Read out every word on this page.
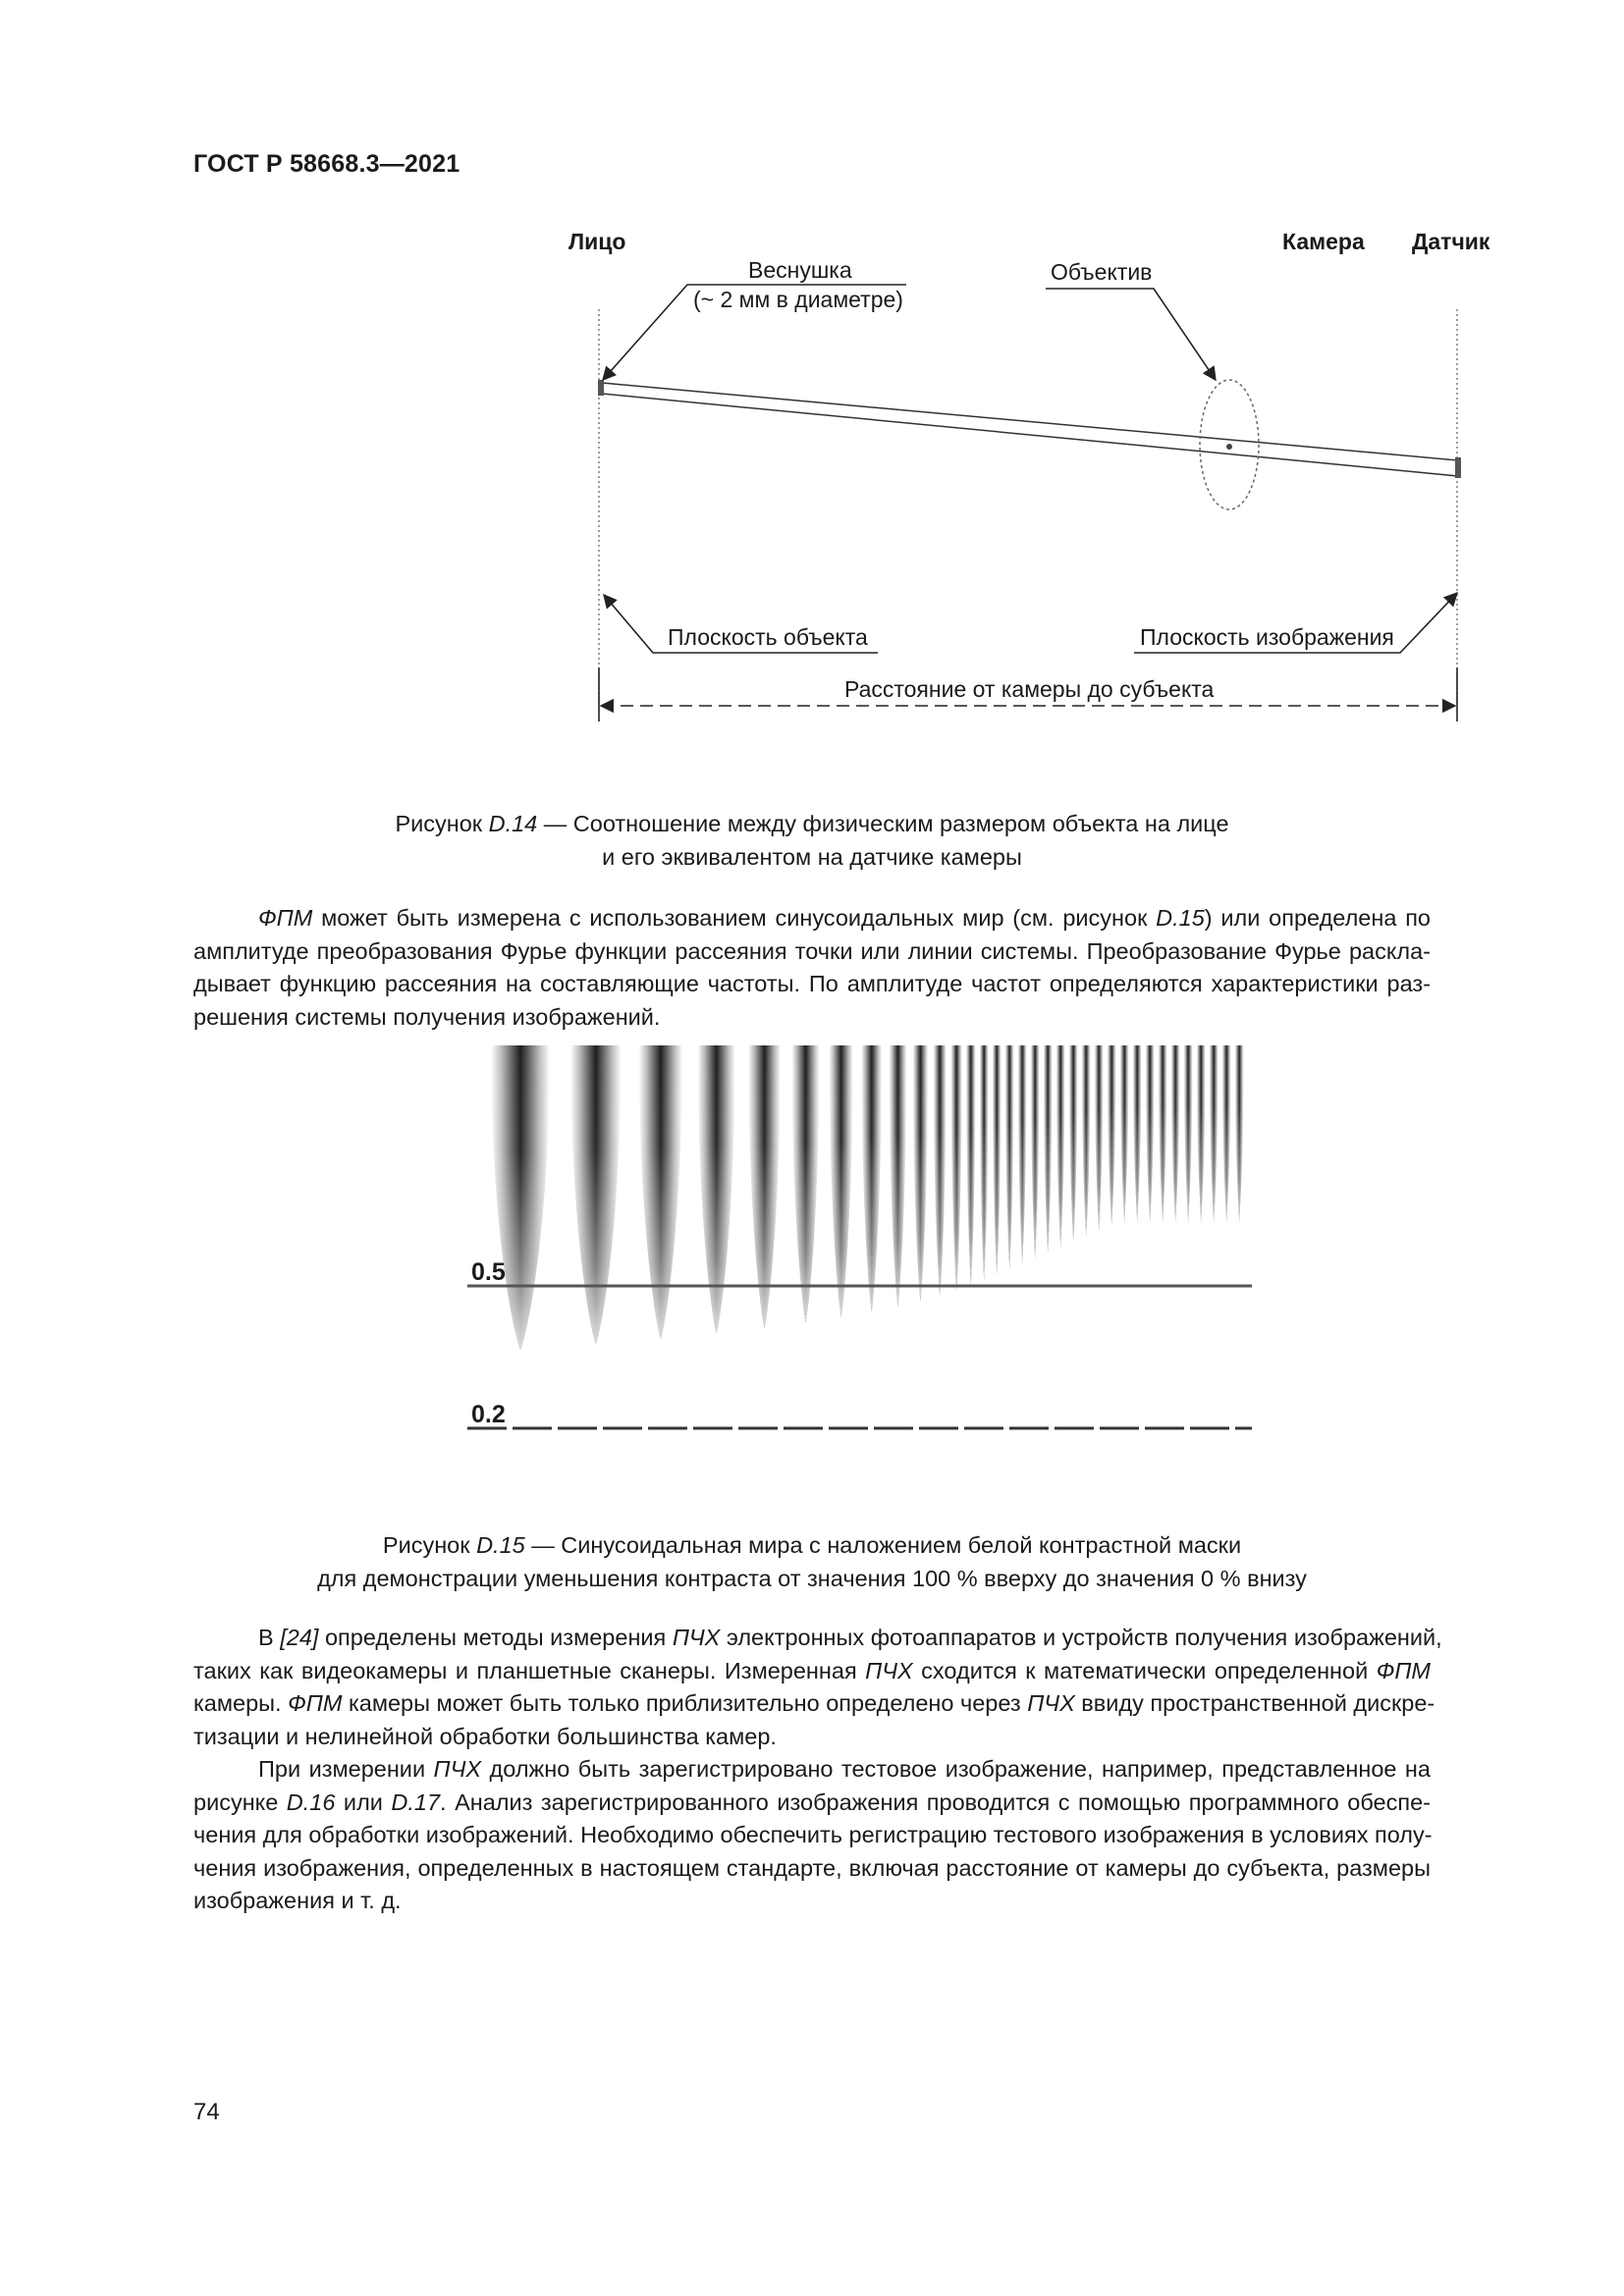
ГОСТ Р 58668.3—2021
Лицо	Камера Датчик
Веснушка
(~ 2 мм в диаметре)
Объектив
Плоскость объекта	Плоскость изображения
Расстояние от камеры до субъекта
Рисунок D.14 — Соотношение между физическим размером объекта на лице
и его эквивалентом на датчике камеры
ФПМ может быть измерена с использованием синусоидальных мир (см. рисунок D.15) или определена по
амплитуде преобразования Фурье функции рассеяния точки или линии системы. Преобразование Фурье раскла-
дывает функцию рассеяния на составляющие частоты. По амплитуде частот определяются характеристики раз-
решения системы получения изображений.
0.5
0.2
Рисунок D.15 — Синусоидальная мира с наложением белой контрастной маски
для демонстрации уменьшения контраста от значения 100 % вверху до значения 0 % внизу
В [24] определены методы измерения ПЧХ электронных фотоаппаратов и устройств получения изображений,
таких как видеокамеры и планшетные сканеры. Измеренная ПЧХ сходится к математически определенной ФПМ
камеры. ФПМ камеры может быть только приблизительно определено через ПЧХ ввиду пространственной дискре-
тизации и нелинейной обработки большинства камер.
При измерении ПЧХ должно быть зарегистрировано тестовое изображение, например, представленное на
рисунке D.16 или D.17. Анализ зарегистрированного изображения проводится с помощью программного обеспе-
чения для обработки изображений. Необходимо обеспечить регистрацию тестового изображения в условиях полу-
чения изображения, определенных в настоящем стандарте, включая расстояние от камеры до субъекта, размеры
изображения и т. д.
74
